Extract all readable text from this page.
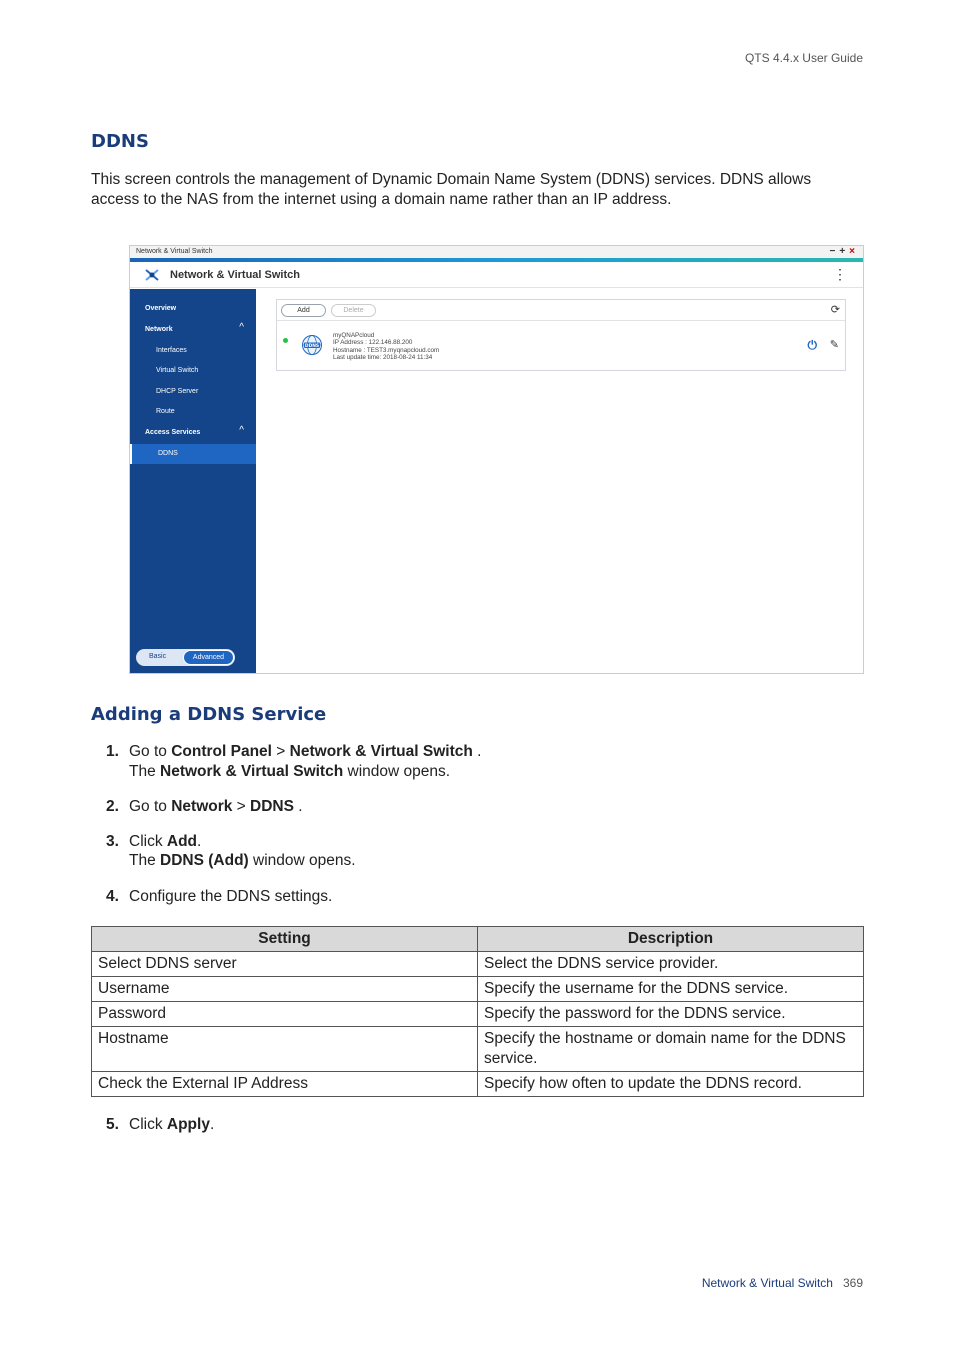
QTS 4.4.x User Guide
DDNS

This screen controls the management of Dynamic Domain Name System (DDNS) services. DDNS allows access to the NAS from the internet using a domain name rather than an IP address.

Network & Virtual Switch	−+×
Network & Virtual Switch	⋮
Overview
Network	^
Interfaces
Virtual Switch
DHCP Server
Route
Access Services	^
DDNS
Basic	Advanced
Add	Delete	⟳
DDNS
myQNAPcloud
IP Address : 122.146.88.200
Hostname : TEST3.myqnapcloud.com
Last update time: 2018-08-24 11:34
⏻ ✎
Adding a DDNS Service
1. Go to Control Panel > Network & Virtual Switch .
The Network & Virtual Switch window opens.
2. Go to Network > DDNS .
3. Click Add.
The DDNS (Add) window opens.
4. Configure the DDNS settings.
Setting	Description
Select DDNS server	Select the DDNS service provider.
Username	Specify the username for the DDNS service.
Password	Specify the password for the DDNS service.
Hostname	Specify the hostname or domain name for the DDNS service.
Check the External IP Address	Specify how often to update the DDNS record.
5. Click Apply.
Network & Virtual Switch 369
